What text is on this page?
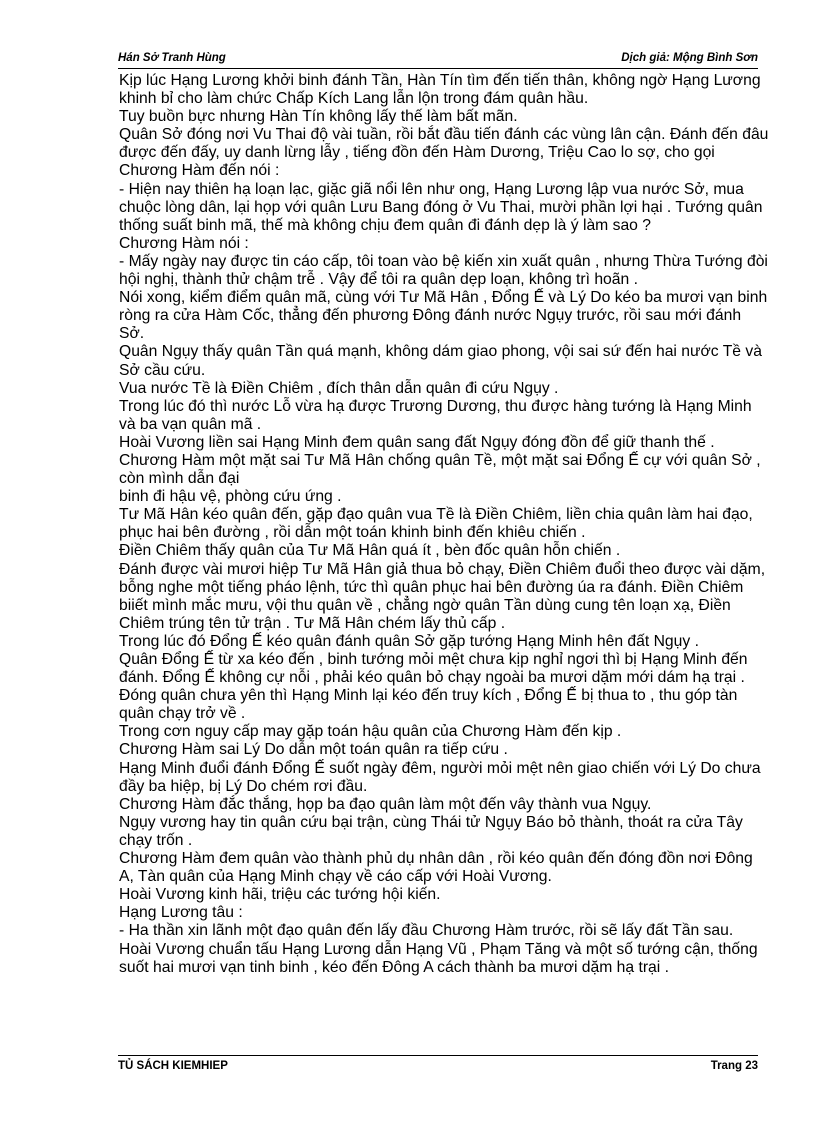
Hán Sở Tranh Hùng	Dịch giả: Mộng Bình Sơn

Kịp lúc Hạng Lương khởi binh đánh Tần, Hàn Tín tìm đến tiến thân, không ngờ Hạng Lương khinh bỉ cho làm chức Chấp Kích Lang lẫn lộn trong đám quân hầu.

Tuy buồn bực nhưng Hàn Tín không lấy thế làm bất mãn.

Quân Sở đóng nơi Vu Thai độ vài tuần, rồi bắt đầu tiến đánh các vùng lân cận. Đánh đến đâu được đến đấy, uy danh lừng lẫy , tiếng đồn đến Hàm Dương, Triệu Cao lo sợ, cho gọi Chương Hàm đến nói :

- Hiện nay thiên hạ loạn lạc, giặc giã nổi lên như ong, Hạng Lương lập vua nước Sở, mua chuộc lòng dân, lại họp với quân Lưu Bang đóng ở Vu Thai, mười phần lợi hại . Tướng quân thống suất binh mã, thế mà không chịu đem quân đi đánh dẹp là ý làm sao ?

Chương Hàm nói :

- Mấy ngày nay được tin cáo cấp, tôi toan vào bệ kiến xin xuất quân , nhưng Thừa Tướng đòi hội nghị, thành thử chậm trễ . Vậy để tôi ra quân dẹp loạn, không trì hoãn .

Nói xong, kiểm điểm quân mã, cùng với Tư Mã Hân , Đổng Ế và Lý Do kéo ba mươi vạn binh ròng ra cửa Hàm Cốc, thẳng đến phương Đông đánh nước Ngụy trước, rồi sau mới đánh Sở.

Quân Ngụy thấy quân Tần quá mạnh, không dám giao phong, vội sai sứ đến hai nước Tề và Sở cầu cứu.

Vua nước Tề là Điền Chiêm , đích thân dẫn quân đi cứu Ngụy .

Trong lúc đó thì nước Lỗ vừa hạ được Trương Dương, thu được hàng tướng là Hạng Minh và ba vạn quân mã .

Hoài Vương liền sai Hạng Minh đem quân sang đất Ngụy đóng đồn để giữ thanh thế .

Chương Hàm một mặt sai Tư Mã Hân chống quân Tề, một mặt sai Đổng Ế cự với quân Sở , còn mình dẫn đại

binh đi hậu vệ, phòng cứu ứng .

Tư Mã Hân kéo quân đến, gặp đạo quân vua Tề là Điền Chiêm, liền chia quân làm hai đạo, phục hai bên đường , rồi dẫn một toán khinh binh đến khiêu chiến .

Điền Chiêm thấy quân của Tư Mã Hân quá ít , bèn đốc quân hỗn chiến .

Đánh được vài mươi hiệp Tư Mã Hân giả thua bỏ chạy, Điền Chiêm đuổi theo được vài dặm, bỗng nghe một tiếng pháo lệnh, tức thì quân phục hai bên đường úa ra đánh. Điền Chiêm biiết mình mắc mưu, vội thu quân về , chẳng ngờ quân Tần dùng cung tên loạn xạ, Điền Chiêm trúng tên tử trận . Tư Mã Hân chém lấy thủ cấp .

Trong lúc đó Đổng Ế kéo quân đánh quân Sở gặp tướng Hạng Minh hên đất Ngụy .

Quân Đổng Ế từ xa kéo đến , binh tướng mỏi mệt chưa kịp nghỉ ngơi thì bị Hạng Minh đến đánh. Đổng Ế không cự nỗi , phải kéo quân bỏ chạy ngoài ba mươi dặm mới dám hạ trại .

Đóng quân chưa yên thì Hạng Minh lại kéo đến truy kích , Đổng Ế bị thua to , thu góp tàn quân chạy trở về .

Trong cơn nguy cấp may gặp toán hậu quân của Chương Hàm đến kịp .

Chương Hàm sai Lý Do dẫn một toán quân ra tiếp cứu .

Hạng Minh đuổi đánh Đổng Ế suốt ngày đêm, người mỏi mệt nên giao chiến với Lý Do chưa đầy ba hiệp, bị Lý Do chém rơi đầu.

Chương Hàm đắc thắng, họp ba đạo quân làm một đến vây thành vua Ngụy.

Ngụy vương hay tin quân cứu bại trận, cùng Thái tử Ngụy Báo bỏ thành, thoát ra cửa Tây chạy trốn .

Chương Hàm đem quân vào thành phủ dụ nhân dân , rồi kéo quân đến đóng đồn nơi Đông A, Tàn quân của Hạng Minh chạy về cáo cấp với Hoài Vương.

Hoài Vương kinh hãi, triệu các tướng hội kiến.

Hạng Lương tâu :

- Ha thần xin lãnh một đạo quân đến lấy đầu Chương Hàm trước, rồi sẽ lấy đất Tần sau.

Hoài Vương chuẩn tấu Hạng Lương dẫn Hạng Vũ , Phạm Tăng và một số tướng cận, thống suốt hai mươi vạn tinh binh , kéo đến Đông A cách thành ba mươi dặm hạ trại .

TỦ SÁCH KIEMHIEP	Trang 23
